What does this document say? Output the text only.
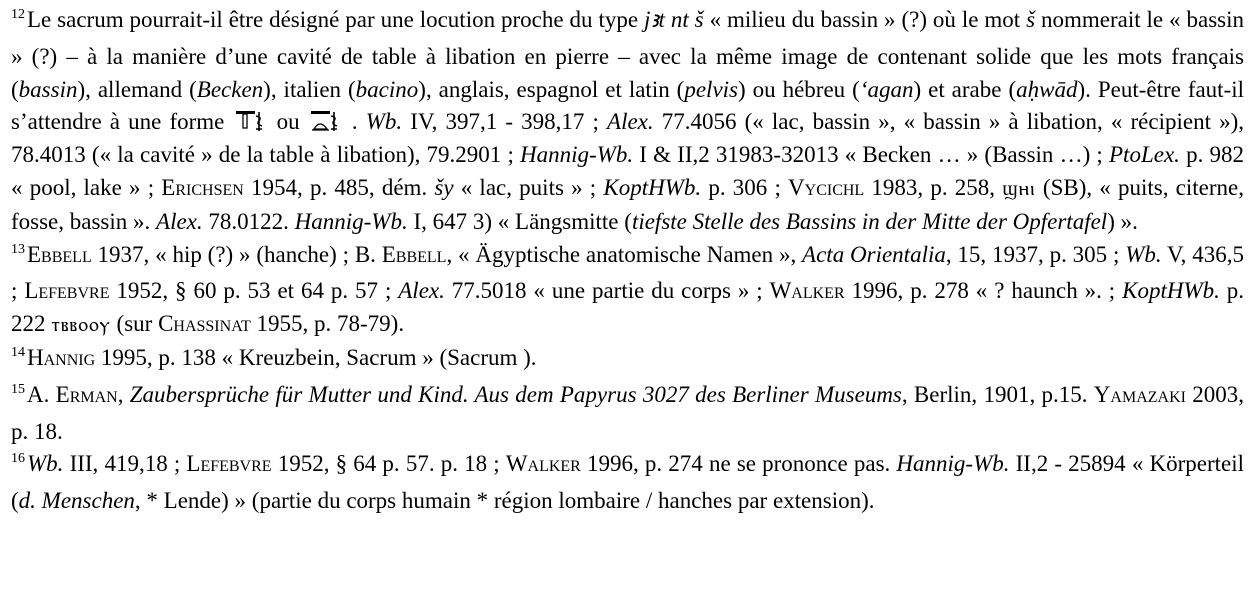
$^{12}$Le sacrum pourrait-il être désigné par une locution proche du type jꜣt nt š « milieu du bassin » (?) où le mot š nommerait le « bassin » (?) – à la manière d’une cavité de table à libation en pierre – avec la même image de contenant solide que les mots français (bassin), allemand (Becken), italien (bacino), anglais, espagnol et latin (pelvis) ou hébreu (‘agan) et arabe (aḥwād). Peut-être faut-il s’attendre à une forme
ou
. Wb. IV, 397,1 - 398,17 ; Alex. 77.4056 (« lac, bassin », « bassin » à libation, « récipient »), 78.4013 (« la cavité » de la table à libation), 79.2901 ; Hannig-Wb. I & II,2 31983-32013 « Becken … » (Bassin …) ; PtoLex. p. 982 « pool, lake » ; Erichsen 1954, p. 485, dém. šy « lac, puits » ; KoptHWb. p. 306 ; Vycichl 1983, p. 258, ϣⲏⲓ (SB), « puits, citerne, fosse, bassin ». Alex. 78.0122. Hannig-Wb. I, 647 3) « Längsmitte (tiefste Stelle des Bassins in der Mitte der Opfertafel) ».

$^{13}$Ebbell 1937, « hip (?) » (hanche) ; B. Ebbell, « Ägyptische anatomische Namen », Acta Orientalia, 15, 1937, p. 305 ; Wb. V, 436,5 ; Lefebvre 1952, § 60 p. 53 et 64 p. 57 ; Alex. 77.5018 « une partie du corps » ; Walker 1996, p. 278 « ? haunch ». ; KoptHWb. p. 222 ⲧⲃⲃⲟⲟⲩ (sur Chassinat 1955, p. 78-79).

$^{14}$Hannig 1995, p. 138 « Kreuzbein, Sacrum » (Sacrum ).

$^{15}$A. Erman, Zaubersprüche für Mutter und Kind. Aus dem Papyrus 3027 des Berliner Museums, Berlin, 1901, p.15. Yamazaki 2003, p. 18.

$^{16}$Wb. III, 419,18 ; Lefebvre 1952, § 64 p. 57. p. 18 ; Walker 1996, p. 274 ne se prononce pas. Hannig-Wb. II,2 - 25894 « Körperteil (d. Menschen, * Lende) » (partie du corps humain * région lombaire / hanches par extension).
